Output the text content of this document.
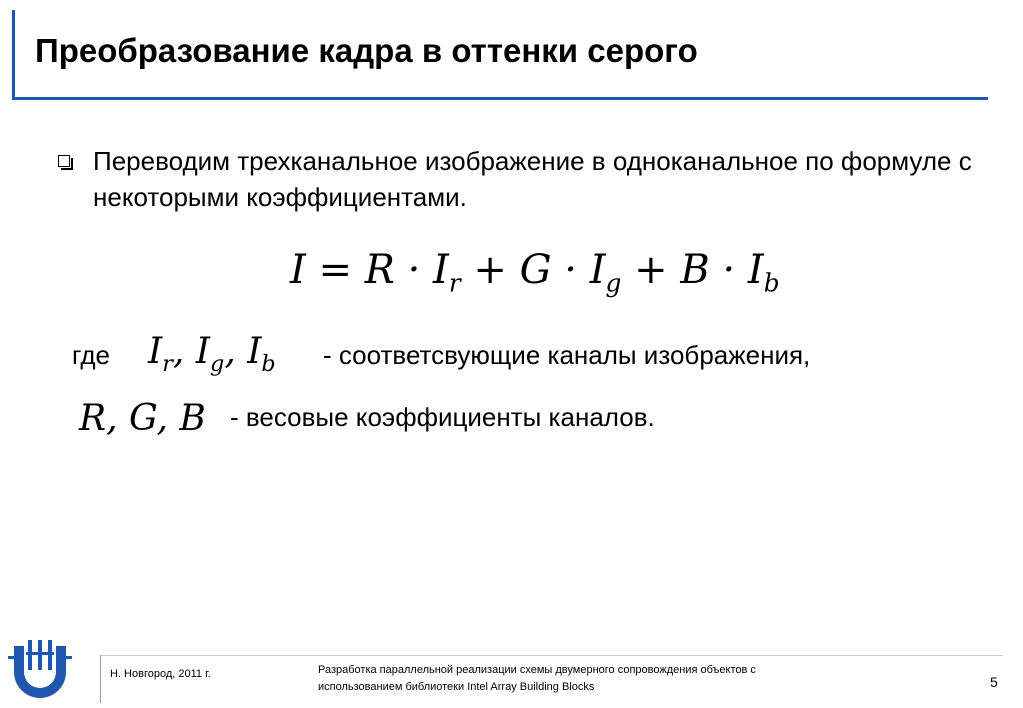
Преобразование кадра в оттенки серого
Переводим трехканальное изображение в одноканальное по формуле с некоторыми коэффициентами.
$I = R \cdot I_r + G \cdot I_g + B \cdot I_b$
где $I_r$, $I_g$, $I_b$ - соответсвующие каналы изображения,
R, G, B - весовые коэффициенты каналов.
Н. Новгород, 2011 г.	Разработка параллельной реализации схемы двумерного сопровождения объектов с использованием библиотеки Intel Array Building Blocks	5
